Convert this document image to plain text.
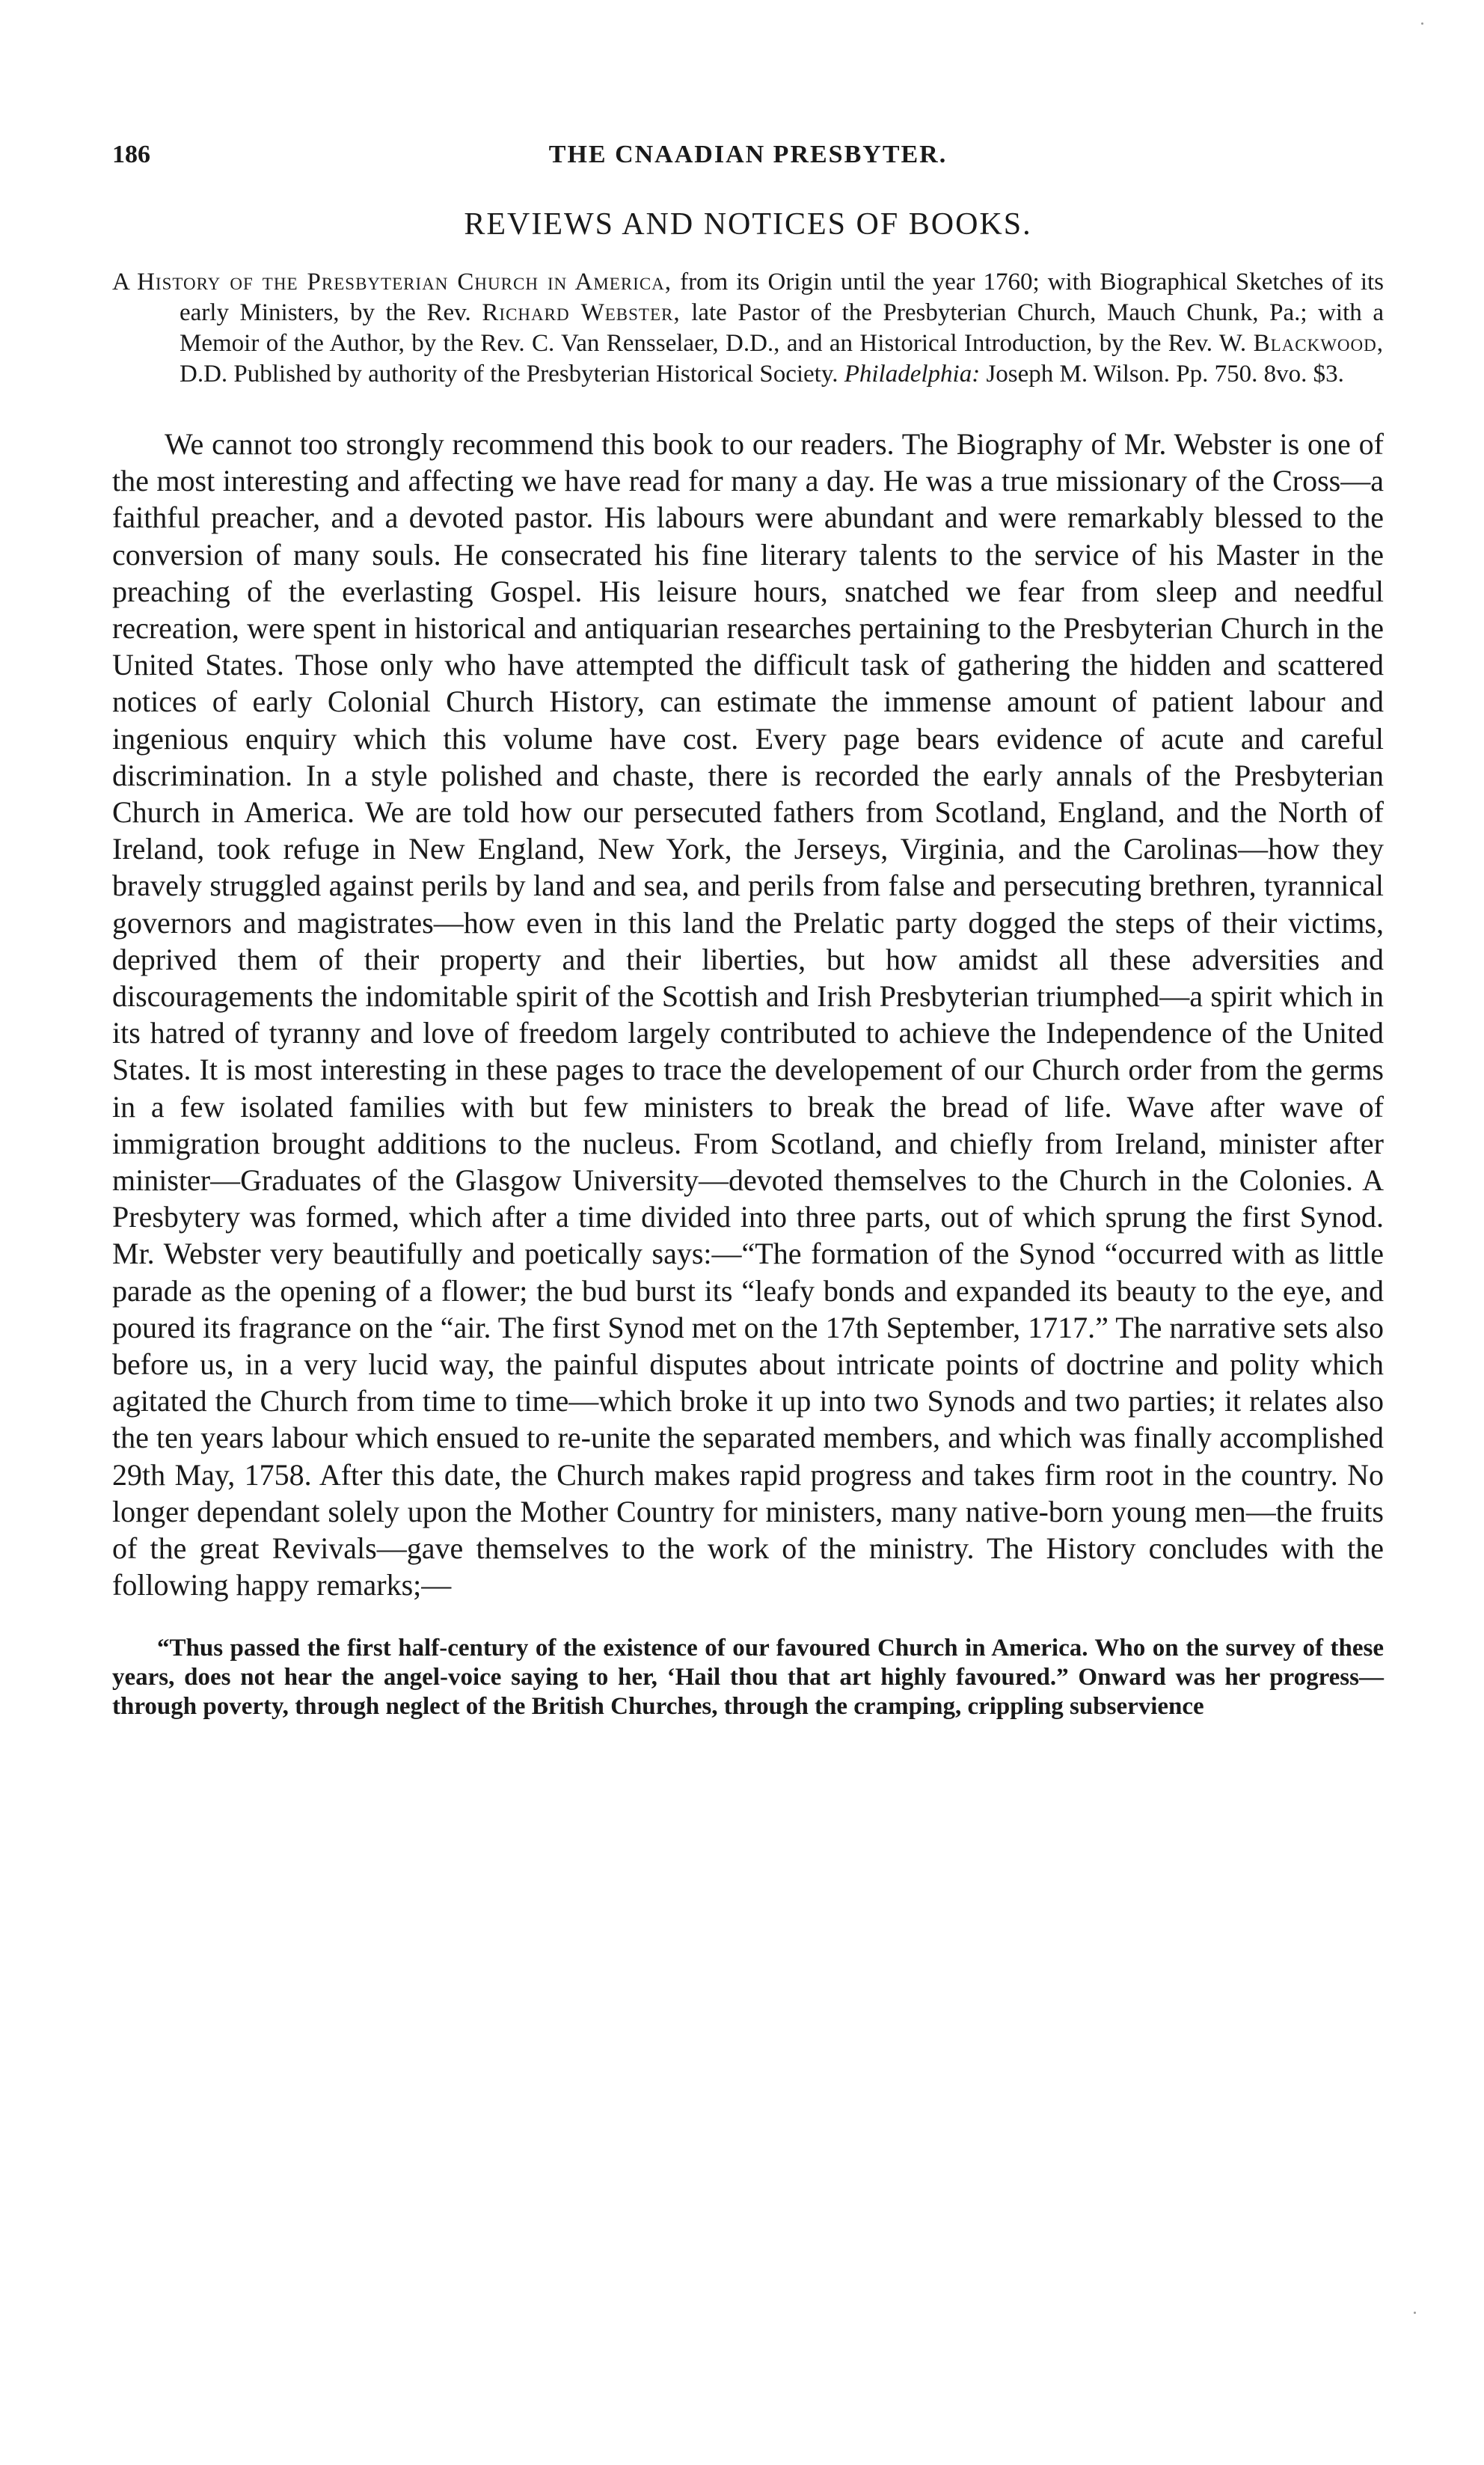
186	THE CNAADIAN PRESBYTER.
REVIEWS AND NOTICES OF BOOKS.

A History of the Presbyterian Church in America, from its Origin until the year 1760; with Biographical Sketches of its early Ministers, by the Rev. Richard Webster, late Pastor of the Presbyterian Church, Mauch Chunk, Pa.; with a Memoir of the Author, by the Rev. C. Van Rensselaer, D.D., and an Historical Introduction, by the Rev. W. Blackwood, D.D. Published by authority of the Presbyterian Historical Society. Philadelphia: Joseph M. Wilson. Pp. 750. 8vo. $3.

We cannot too strongly recommend this book to our readers. The Biography of Mr. Webster is one of the most interesting and affecting we have read for many a day. He was a true missionary of the Cross—a faithful preacher, and a devoted pastor. His labours were abundant and were remarkably blessed to the conversion of many souls. He consecrated his fine literary talents to the service of his Master in the preaching of the everlasting Gospel. His leisure hours, snatched we fear from sleep and needful recreation, were spent in historical and antiquarian researches pertaining to the Presbyterian Church in the United States. Those only who have attempted the difficult task of gathering the hidden and scattered notices of early Colonial Church History, can estimate the immense amount of patient labour and ingenious enquiry which this volume have cost. Every page bears evidence of acute and careful discrimination. In a style polished and chaste, there is recorded the early annals of the Presbyterian Church in America. We are told how our persecuted fathers from Scotland, England, and the North of Ireland, took refuge in New England, New York, the Jerseys, Virginia, and the Carolinas—how they bravely struggled against perils by land and sea, and perils from false and persecuting brethren, tyrannical governors and magistrates—how even in this land the Prelatic party dogged the steps of their victims, deprived them of their property and their liberties, but how amidst all these adversities and discouragements the indomitable spirit of the Scottish and Irish Presbyterian triumphed—a spirit which in its hatred of tyranny and love of freedom largely contributed to achieve the Independence of the United States. It is most interesting in these pages to trace the developement of our Church order from the germs in a few isolated families with but few ministers to break the bread of life. Wave after wave of immigration brought additions to the nucleus. From Scotland, and chiefly from Ireland, minister after minister—Graduates of the Glasgow University—devoted themselves to the Church in the Colonies. A Presbytery was formed, which after a time divided into three parts, out of which sprung the first Synod. Mr. Webster very beautifully and poetically says:—“The formation of the Synod “occurred with as little parade as the opening of a flower; the bud burst its “leafy bonds and expanded its beauty to the eye, and poured its fragrance on the “air. The first Synod met on the 17th September, 1717.” The narrative sets also before us, in a very lucid way, the painful disputes about intricate points of doctrine and polity which agitated the Church from time to time—which broke it up into two Synods and two parties; it relates also the ten years labour which ensued to re-unite the separated members, and which was finally accomplished 29th May, 1758. After this date, the Church makes rapid progress and takes firm root in the country. No longer dependant solely upon the Mother Country for ministers, many native-born young men—the fruits of the great Revivals—gave themselves to the work of the ministry. The History concludes with the following happy remarks;—

“Thus passed the first half-century of the existence of our favoured Church in America. Who on the survey of these years, does not hear the angel-voice saying to her, ‘Hail thou that art highly favoured.” Onward was her progress—through poverty, through neglect of the British Churches, through the cramping, crippling subservience
